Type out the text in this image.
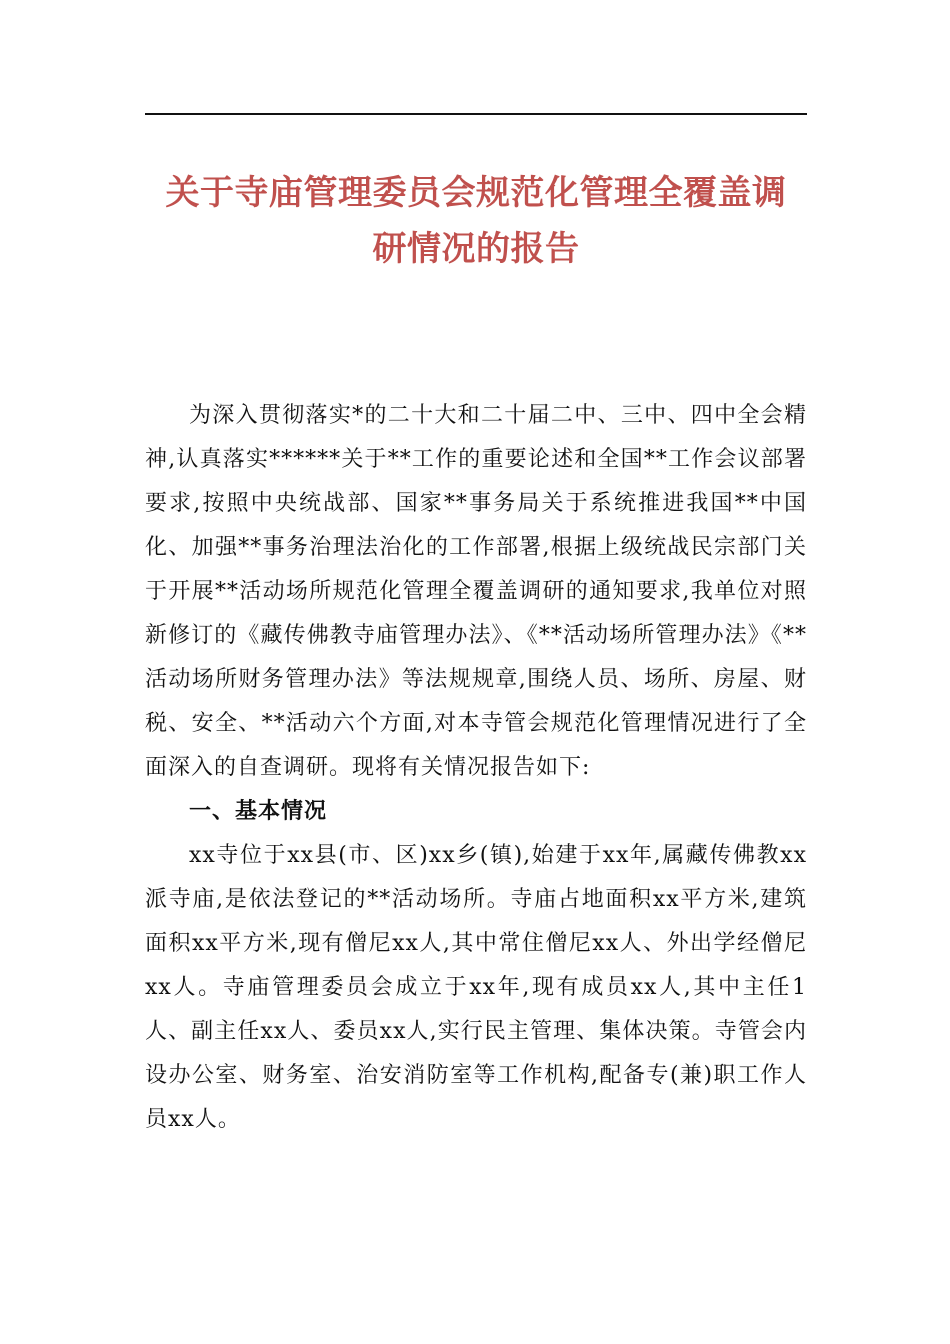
关于寺庙管理委员会规范化管理全覆盖调
研情况的报告

为深入贯彻落实*的二十大和二十届二中、三中、四中全会精神,认真落实******关于**工作的重要论述和全国**工作会议部署要求,按照中央统战部、国家**事务局关于系统推进我国**中国化、加强**事务治理法治化的工作部署,根据上级统战民宗部门关于开展**活动场所规范化管理全覆盖调研的通知要求,我单位对照新修订的《藏传佛教寺庙管理办法》、《**活动场所管理办法》《**活动场所财务管理办法》等法规规章,围绕人员、场所、房屋、财税、安全、**活动六个方面,对本寺管会规范化管理情况进行了全面深入的自查调研。现将有关情况报告如下:

一、基本情况

xx寺位于xx县(市、区)xx乡(镇),始建于xx年,属藏传佛教xx派寺庙,是依法登记的**活动场所。寺庙占地面积xx平方米,建筑面积xx平方米,现有僧尼xx人,其中常住僧尼xx人、外出学经僧尼xx人。寺庙管理委员会成立于xx年,现有成员xx人,其中主任1人、副主任xx人、委员xx人,实行民主管理、集体决策。寺管会内设办公室、财务室、治安消防室等工作机构,配备专(兼)职工作人员xx人。
